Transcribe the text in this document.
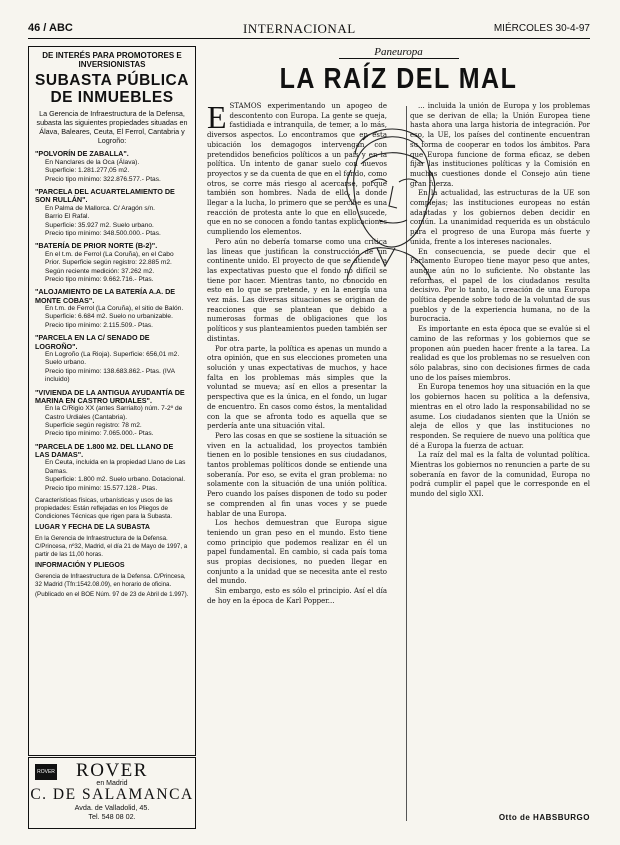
46 / ABC	INTERNACIONAL	MIÉRCOLES 30-4-97
DE INTERÉS PARA PROMOTORES E INVERSIONISTAS
SUBASTA PÚBLICA DE INMUEBLES
La Gerencia de Infraestructura de la Defensa, subasta las siguientes propiedades situadas en Álava, Baleares, Ceuta, El Ferrol, Cantabria y Logroño:
"POLVORÍN DE ZABALLA".
En Nanclares de la Oca (Álava).
Superficie: 1.281.277,05 m2.
Precio tipo mínimo: 322.876.577.- Ptas.
"PARCELA DEL ACUARTELAMIENTO DE SON RULLÁN".
En Palma de Mallorca. C/ Aragón s/n.
Barrio El Rafal.
Superficie: 35.927 m2. Suelo urbano.
Precio tipo mínimo: 348.500.000.- Ptas.
"BATERÍA DE PRIOR NORTE (B-2)".
En el t.m. de Ferrol (La Coruña), en el Cabo Prior. Superficie según registro: 22.885 m2. Según reciente medición: 37.262 m2.
Precio tipo mínimo: 9.662.716.- Ptas.
"ALOJAMIENTO DE LA BATERÍA A.A. DE MONTE COBAS".
En t.m. de Ferrol (La Coruña), el sitio de Balón.
Superficie: 6.684 m2. Suelo no urbanizable.
Precio tipo mínimo: 2.115.509.- Ptas.
"PARCELA EN LA C/ SENADO DE LOGROÑO".
En Logroño (La Rioja). Superficie: 656,01 m2. Suelo urbano.
Precio tipo mínimo: 138.683.862.- Ptas. (IVA incluido)
"VIVIENDA DE LA ANTIGUA AYUDANTÍA DE MARINA EN CASTRO URDIALES".
En la C/Rigio XX (antes Sarrialto) núm. 7-2º de Castro Urdiales (Cantabria).
Superficie según registro: 78 m2.
Precio tipo mínimo: 7.065.000.- Ptas.
"PARCELA DE 1.800 M2. DEL LLANO DE LAS DAMAS".
En Ceuta, incluida en la propiedad Llano de Las Damas.
Superficie: 1.800 m2. Suelo urbano. Dotacional.
Precio tipo mínimo: 15.577.128.- Ptas.
Características físicas, urbanísticas y usos de las propiedades: Están reflejadas en los Pliegos de Condiciones Técnicas que rigen para la Subasta.
LUGAR Y FECHA DE LA SUBASTA
En la Gerencia de Infraestructura de la Defensa. C/Princesa, nº32, Madrid, el día 21 de Mayo de 1997, a partir de las 11,00 horas.
INFORMACIÓN Y PLIEGOS
Gerencia de Infraestructura de la Defensa. C/Princesa, 32 Madrid (Tfn:1542.08.09), en horario de oficina.
(Publicado en el BOE Núm. 97 de 23 de Abril de 1.997).
ROVER	ROVER
en Madrid
C. DE SALAMANCA
Avda. de Valladolid, 45.
Tel. 548 08 02.
Paneuropa
LA RAÍZ DEL MAL
E STAMOS experimentando un apogeo de descontento con Europa. La gente se queja, fastidiada e intranquila, de temer, a lo más, diversos aspectos. Lo encontramos que en esta ubicación los demagogos intervengan con pretendidos beneficios políticos a un país y en la política. Un intento de ganar suelo con nuevos proyectos y se da cuenta de que en el fondo, como otros, se corre más riesgo al acercarse, porque también son hombres. Nada de ello, a donde llegar a la lucha, lo primero que se percibe es una reacción de protesta ante lo que en ello sucede, que en no se conocen a fondo tantas explicaciones cumpliendo los elementos.

Pero aún no debería tomarse como una crítica las lineas que justifican la construcción de un continente unido. El proyecto de que se atiende a las expectativas puesto que el fondo no difícil se tiene por hacer. Mientras tanto, no conocido en esto en lo que se pretende, y en la energía una vez más. Las diversas situaciones se originan de reacciones que se plantean que debido a numerosas formas de obligaciones que los políticos y sus planteamientos pueden también ser distintas.

Por otra parte, la política es apenas un mundo a otra opinión, que en sus elecciones prometen una solución y unas expectativas de muchos, y hace falta en los problemas más simples que la voluntad se mueva; así en ellos a presentar la perspectiva que es la única, en el fondo, un lugar de encuentro. En casos como éstos, la mentalidad con la que se afronta todo es aquella que se perdería ante una situación vital.

Pero las cosas en que se sostiene la situación se viven en la actualidad, los proyectos también tienen en lo posible tensiones en sus ciudadanos, tantos problemas políticos donde se entiende una soberanía. Por eso, se evita el gran problema: no solamente con la situación de una unión política. Pero cuando los países disponen de todo su poder se comprenden al fin unas voces y se puede hablar de una Europa.

Los hechos demuestran que Europa sigue teniendo un gran peso en el mundo. Esto tiene como principio que podemos realizar en él un papel fundamental. En cambio, si cada país toma sus propias decisiones, no pueden llegar en conjunto a la unidad que se necesita ante el resto del mundo.

Sin embargo, esto es sólo el principio. Así el día de hoy en la época de Karl Popper...

... incluida la unión de Europa y los problemas que se derivan de ella; la Unión Europea tiene hasta ahora una larga historia de integración. Por eso, la UE, los países del continente encuentran su forma de cooperar en todos los ámbitos. Para que Europa funcione de forma eficaz, se deben fijar las instituciones políticas y la Comisión en muchas cuestiones donde el Consejo aún tiene gran fuerza.

En la actualidad, las estructuras de la UE son complejas; las instituciones europeas no están adaptadas y los gobiernos deben decidir en común. La unanimidad requerida es un obstáculo para el progreso de una Europa más fuerte y unida, frente a los intereses nacionales.

En consecuencia, se puede decir que el Parlamento Europeo tiene mayor peso que antes, aunque aún no lo suficiente. No obstante las reformas, el papel de los ciudadanos resulta decisivo. Por lo tanto, la creación de una Europa política depende sobre todo de la voluntad de sus pueblos y de la experiencia humana, no de la burocracia.

Es importante en esta época que se evalúe si el camino de las reformas y los gobiernos que se proponen aún pueden hacer frente a la tarea. La realidad es que los problemas no se resuelven con sólo palabras, sino con decisiones firmes de cada uno de los países miembros.

En Europa tenemos hoy una situación en la que los gobiernos hacen su política a la defensiva, mientras en el otro lado la responsabilidad no se asume. Los ciudadanos sienten que la Unión se aleja de ellos y que las instituciones no responden. Se requiere de nuevo una política que dé a Europa la fuerza de actuar.

La raíz del mal es la falta de voluntad política. Mientras los gobiernos no renuncien a parte de su soberanía en favor de la comunidad, Europa no podrá cumplir el papel que le corresponde en el mundo del siglo XXI.

Otto de HABSBURGO
